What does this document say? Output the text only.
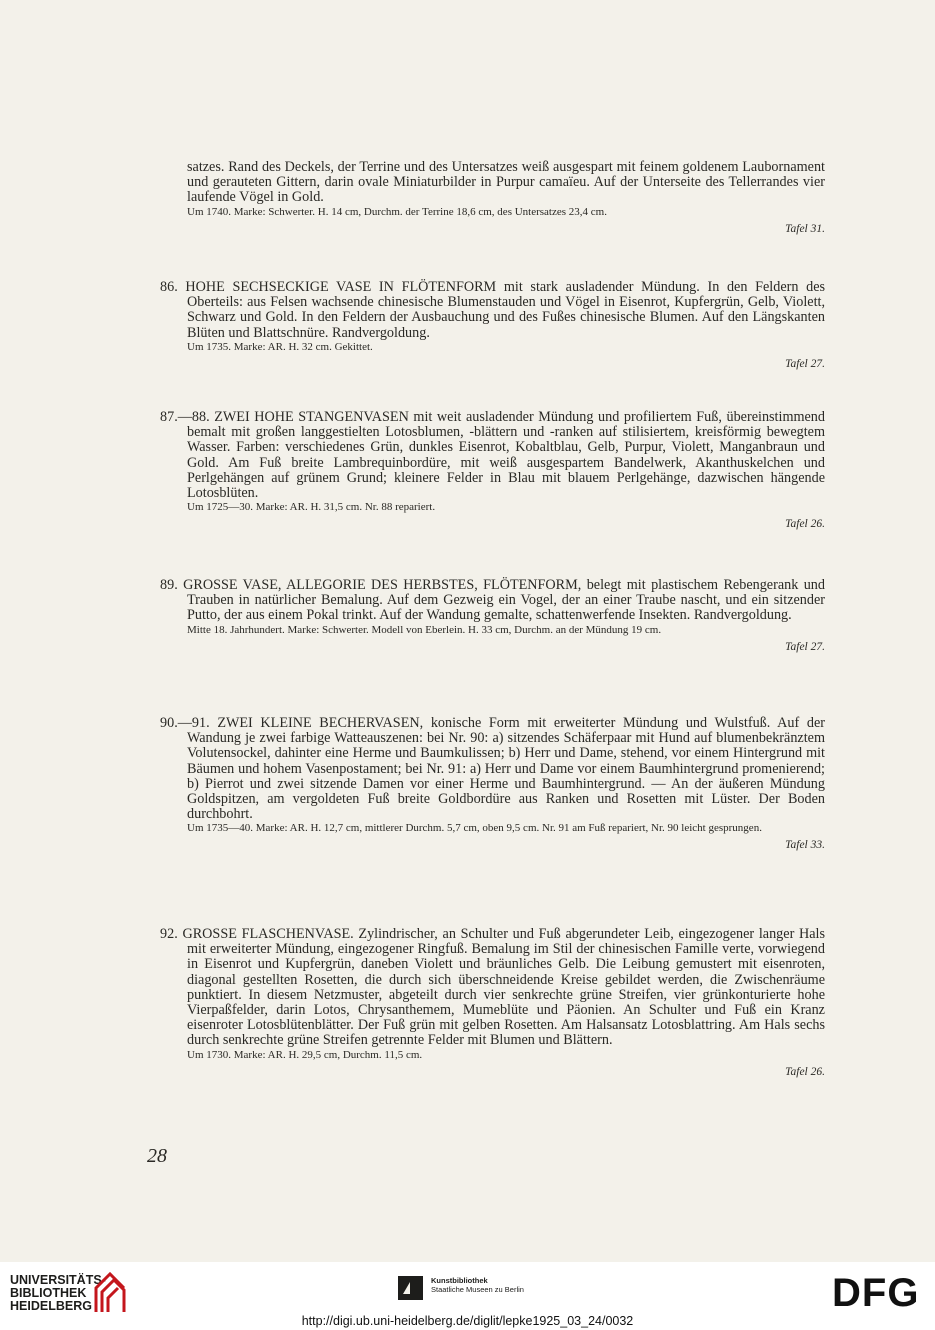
satzes. Rand des Deckels, der Terrine und des Untersatzes weiß ausgespart mit feinem goldenem Laubornament und gerauteten Gittern, darin ovale Miniaturbilder in Purpur camaïeu. Auf der Unterseite des Tellerrandes vier laufende Vögel in Gold.

Um 1740. Marke: Schwerter. H. 14 cm, Durchm. der Terrine 18,6 cm, des Untersatzes 23,4 cm.

Tafel 31.

86. HOHE SECHSECKIGE VASE IN FLÖTENFORM mit stark ausladender Mündung. In den Feldern des Oberteils: aus Felsen wachsende chinesische Blumenstauden und Vögel in Eisenrot, Kupfergrün, Gelb, Violett, Schwarz und Gold. In den Feldern der Ausbauchung und des Fußes chinesische Blumen. Auf den Längskanten Blüten und Blattschnüre. Randvergoldung.

Um 1735. Marke: AR. H. 32 cm. Gekittet.

Tafel 27.

87.—88. ZWEI HOHE STANGENVASEN mit weit ausladender Mündung und profiliertem Fuß, übereinstimmend bemalt mit großen langgestielten Lotosblumen, -blättern und -ranken auf stilisiertem, kreisförmig bewegtem Wasser. Farben: verschiedenes Grün, dunkles Eisenrot, Kobaltblau, Gelb, Purpur, Violett, Manganbraun und Gold. Am Fuß breite Lambrequinbordüre, mit weiß ausgespartem Bandelwerk, Akanthuskelchen und Perlgehängen auf grünem Grund; kleinere Felder in Blau mit blauem Perlgehänge, dazwischen hängende Lotosblüten.

Um 1725—30. Marke: AR. H. 31,5 cm. Nr. 88 repariert.

Tafel 26.

89. GROSSE VASE, ALLEGORIE DES HERBSTES, FLÖTENFORM, belegt mit plastischem Rebengerank und Trauben in natürlicher Bemalung. Auf dem Gezweig ein Vogel, der an einer Traube nascht, und ein sitzender Putto, der aus einem Pokal trinkt. Auf der Wandung gemalte, schattenwerfende Insekten. Randvergoldung.

Mitte 18. Jahrhundert. Marke: Schwerter. Modell von Eberlein. H. 33 cm, Durchm. an der Mündung 19 cm.

Tafel 27.

90.—91. ZWEI KLEINE BECHERVASEN, konische Form mit erweiterter Mündung und Wulstfuß. Auf der Wandung je zwei farbige Watteauszenen: bei Nr. 90: a) sitzendes Schäferpaar mit Hund auf blumenbekränztem Volutensockel, dahinter eine Herme und Baumkulissen; b) Herr und Dame, stehend, vor einem Hintergrund mit Bäumen und hohem Vasenpostament; bei Nr. 91: a) Herr und Dame vor einem Baumhintergrund promenierend; b) Pierrot und zwei sitzende Damen vor einer Herme und Baumhintergrund. — An der äußeren Mündung Goldspitzen, am vergoldeten Fuß breite Goldbordüre aus Ranken und Rosetten mit Lüster. Der Boden durchbohrt.

Um 1735—40. Marke: AR. H. 12,7 cm, mittlerer Durchm. 5,7 cm, oben 9,5 cm. Nr. 91 am Fuß repariert, Nr. 90 leicht gesprungen.

Tafel 33.

92. GROSSE FLASCHENVASE. Zylindrischer, an Schulter und Fuß abgerundeter Leib, eingezogener langer Hals mit erweiterter Mündung, eingezogener Ringfuß. Bemalung im Stil der chinesischen Famille verte, vorwiegend in Eisenrot und Kupfergrün, daneben Violett und bräunliches Gelb. Die Leibung gemustert mit eisenroten, diagonal gestellten Rosetten, die durch sich überschneidende Kreise gebildet werden, die Zwischenräume punktiert. In diesem Netzmuster, abgeteilt durch vier senkrechte grüne Streifen, vier grünkonturierte hohe Vierpaßfelder, darin Lotos, Chrysanthemem, Mumeblüte und Päonien. An Schulter und Fuß ein Kranz eisenroter Lotosblütenblätter. Der Fuß grün mit gelben Rosetten. Am Halsansatz Lotosblattring. Am Hals sechs durch senkrechte grüne Streifen getrennte Felder mit Blumen und Blättern.

Um 1730. Marke: AR. H. 29,5 cm, Durchm. 11,5 cm.

Tafel 26.
28
UNIVERSITÄTS-
BIBLIOTHEK
HEIDELBERG
Kunstbibliothek
Staatliche Museen zu Berlin	DFG
http://digi.ub.uni-heidelberg.de/diglit/lepke1925_03_24/0032
